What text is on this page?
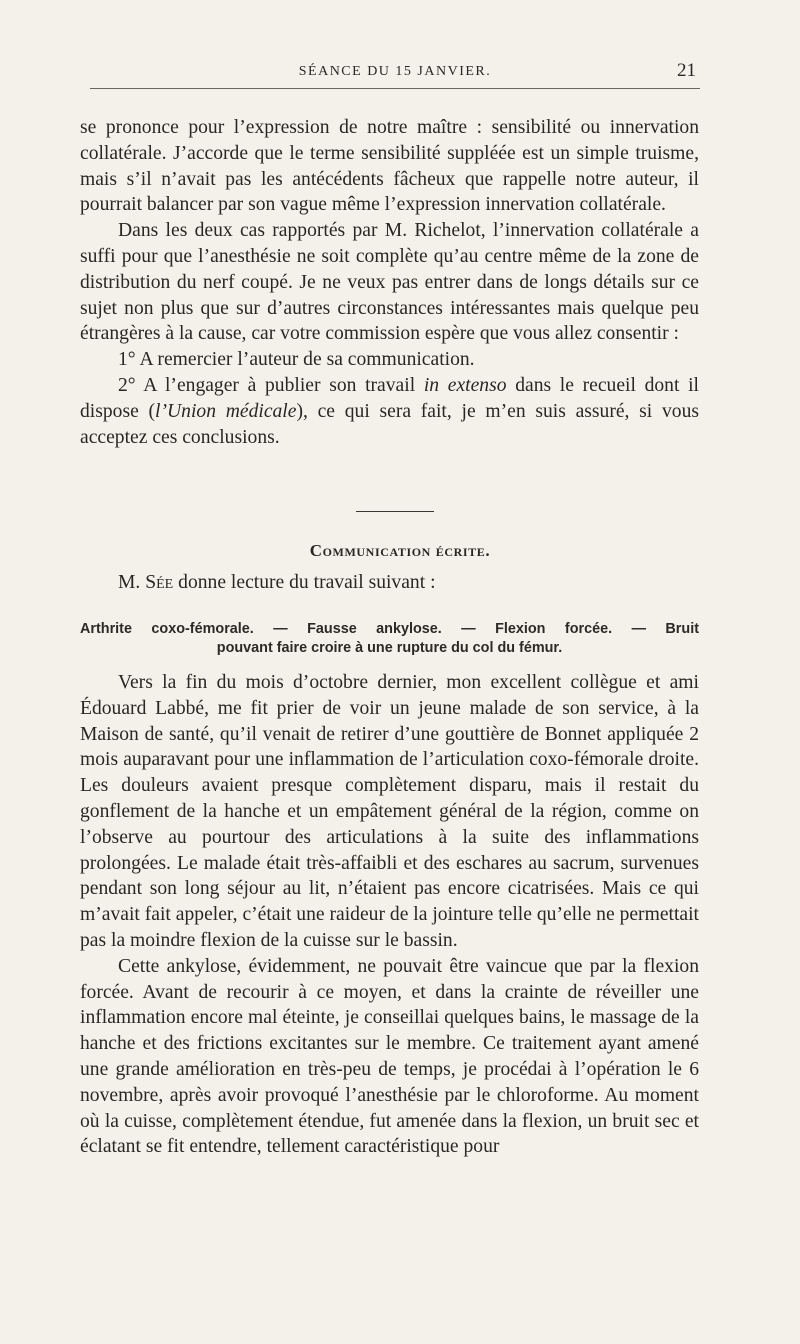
SÉANCE DU 15 JANVIER.	21

se prononce pour l’expression de notre maître : sensibilité ou innervation collatérale. J’accorde que le terme sensibilité suppléée est un simple truisme, mais s’il n’avait pas les antécédents fâcheux que rappelle notre auteur, il pourrait balancer par son vague même l’expression innervation collatérale.

Dans les deux cas rapportés par M. Richelot, l’innervation collatérale a suffi pour que l’anesthésie ne soit complète qu’au centre même de la zone de distribution du nerf coupé. Je ne veux pas entrer dans de longs détails sur ce sujet non plus que sur d’autres circonstances intéressantes mais quelque peu étrangères à la cause, car votre commission espère que vous allez consentir :

1° A remercier l’auteur de sa communication.

2° A l’engager à publier son travail in extenso dans le recueil dont il dispose (l’Union médicale), ce qui sera fait, je m’en suis assuré, si vous acceptez ces conclusions.

Communication écrite.
M. Sée donne lecture du travail suivant :
Arthrite coxo-fémorale. — Fausse ankylose. — Flexion forcée. — Bruit
pouvant faire croire à une rupture du col du fémur.

Vers la fin du mois d’octobre dernier, mon excellent collègue et ami Édouard Labbé, me fit prier de voir un jeune malade de son service, à la Maison de santé, qu’il venait de retirer d’une gouttière de Bonnet appliquée 2 mois auparavant pour une inflammation de l’articulation coxo-fémorale droite. Les douleurs avaient presque complètement disparu, mais il restait du gonflement de la hanche et un empâtement général de la région, comme on l’observe au pourtour des articulations à la suite des inflammations prolongées. Le malade était très-affaibli et des eschares au sacrum, survenues pendant son long séjour au lit, n’étaient pas encore cicatrisées. Mais ce qui m’avait fait appeler, c’était une raideur de la jointure telle qu’elle ne permettait pas la moindre flexion de la cuisse sur le bassin.

Cette ankylose, évidemment, ne pouvait être vaincue que par la flexion forcée. Avant de recourir à ce moyen, et dans la crainte de réveiller une inflammation encore mal éteinte, je conseillai quelques bains, le massage de la hanche et des frictions excitantes sur le membre. Ce traitement ayant amené une grande amélioration en très-peu de temps, je procédai à l’opération le 6 novembre, après avoir provoqué l’anesthésie par le chloroforme. Au moment où la cuisse, complètement étendue, fut amenée dans la flexion, un bruit sec et éclatant se fit entendre, tellement caractéristique pour
